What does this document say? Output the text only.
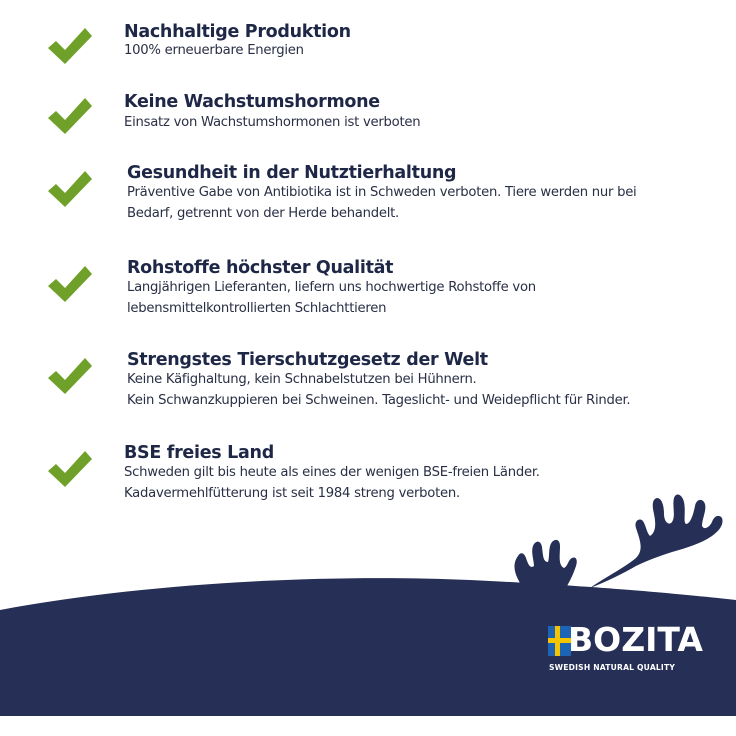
Nachhaltige Produktion
100% erneuerbare Energien
Keine Wachstumshormone
Einsatz von Wachstumshormonen ist verboten
Gesundheit in der Nutztierhaltung
Präventive Gabe von Antibiotika ist in Schweden verboten. Tiere werden nur bei
Bedarf, getrennt von der Herde behandelt.
Rohstoffe höchster Qualität
Langjährigen Lieferanten, liefern uns hochwertige Rohstoffe von
lebensmittelkontrollierten Schlachttieren
Strengstes Tierschutzgesetz der Welt
Keine Käfighaltung, kein Schnabelstutzen bei Hühnern.
Kein Schwanzkuppieren bei Schweinen. Tageslicht- und Weidepflicht für Rinder.
BSE freies Land
Schweden gilt bis heute als eines der wenigen BSE-freien Länder.
Kadavermehlfütterung ist seit 1984 streng verboten.
BOZITA
SWEDISH NATURAL QUALITY
